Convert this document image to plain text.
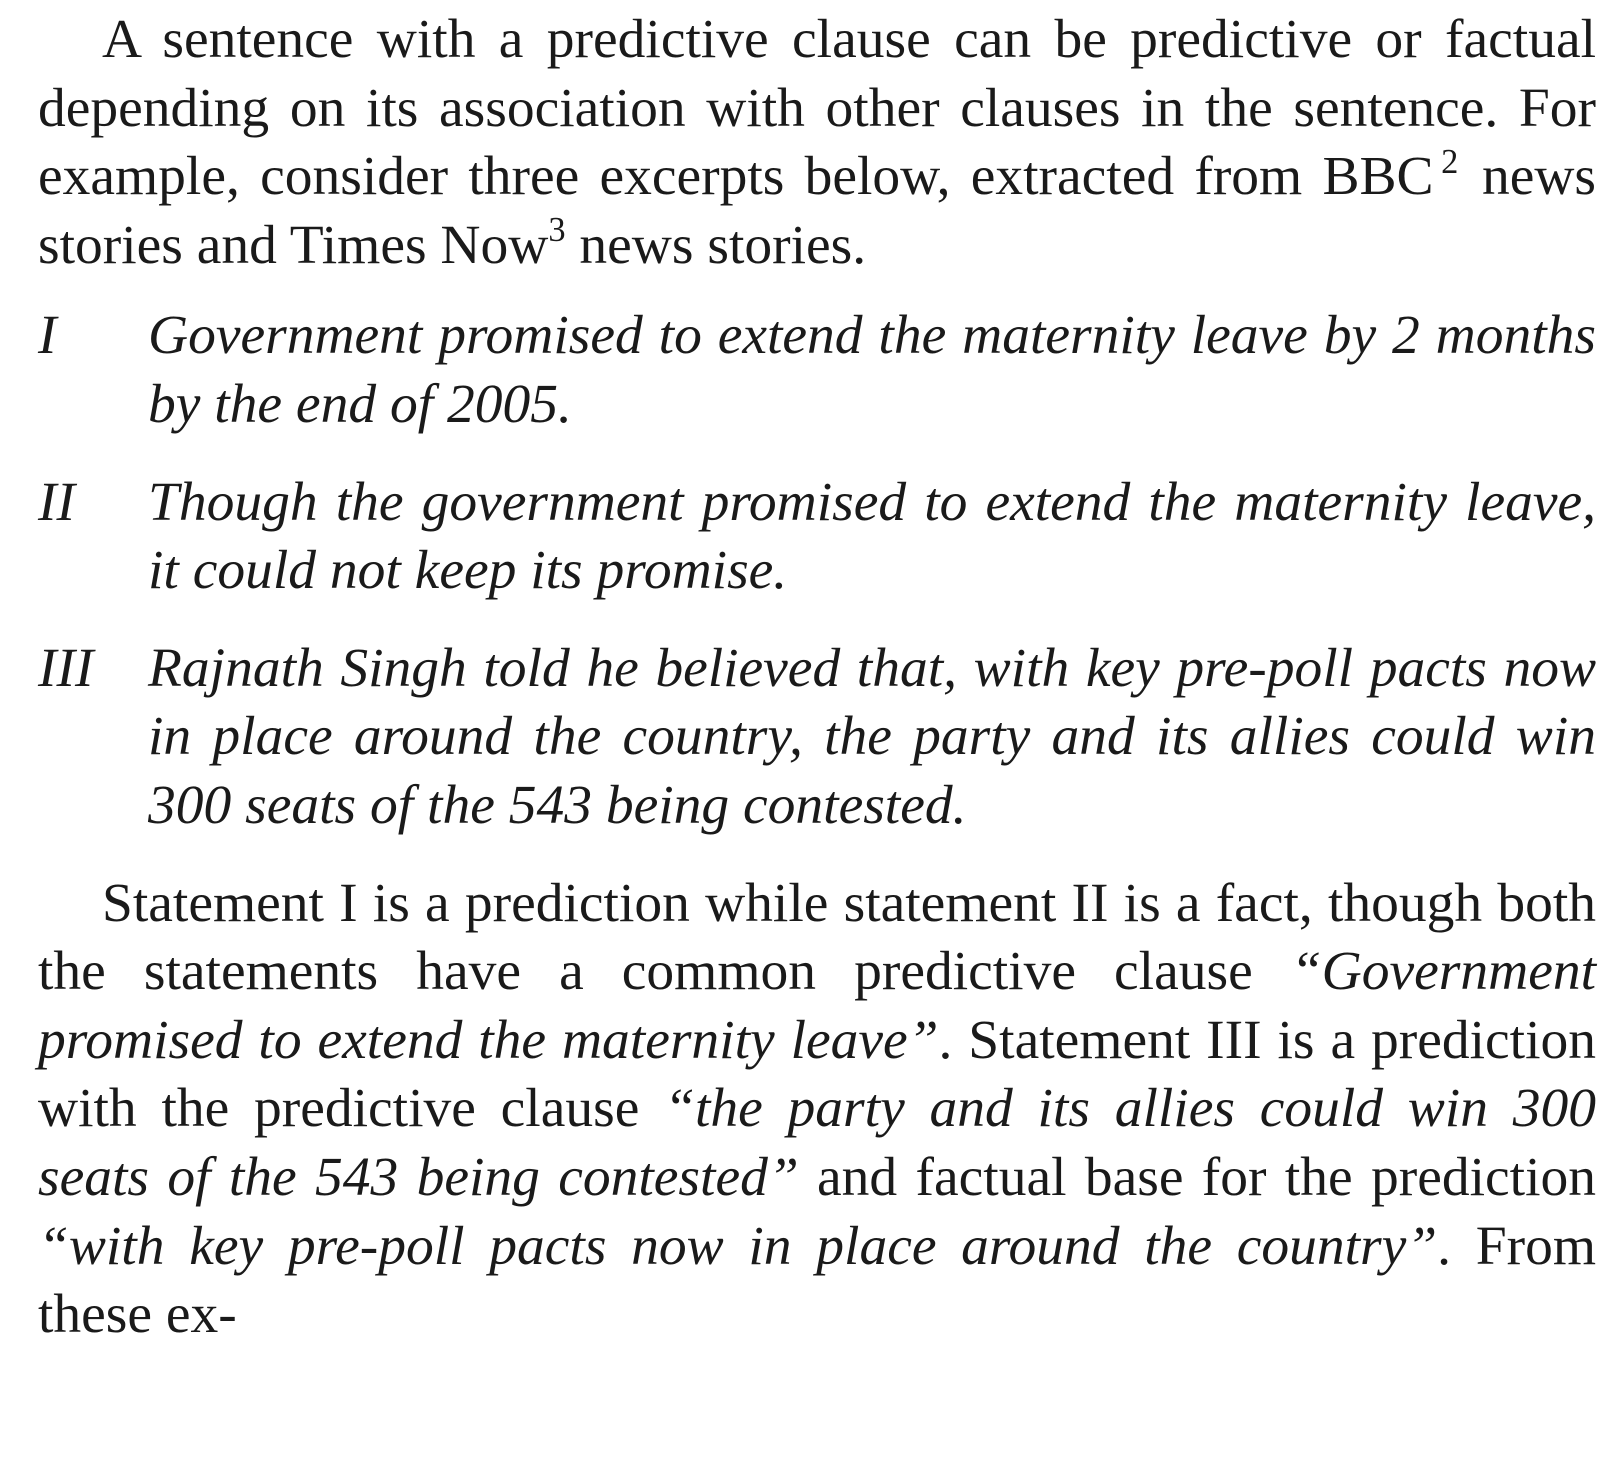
A sentence with a predictive clause can be predictive or factual depending on its association with other clauses in the sentence. For example, consider three excerpts below, extracted from BBC $^2$ news stories and Times Now$^3$ news stories.

I	Government promised to extend the maternity leave by 2 months by the end of 2005.
II	Though the government promised to extend the maternity leave, it could not keep its promise.
III Rajnath Singh told he believed that, with key pre-poll pacts now in place around the country, the party and its allies could win 300 seats of the 543 being contested.

Statement I is a prediction while statement II is a fact, though both the statements have a common predictive clause “Government promised to extend the maternity leave”. Statement III is a prediction with the predictive clause “the party and its allies could win 300 seats of the 543 being contested” and factual base for the prediction “with key pre-poll pacts now in place around the country”. From these ex-
